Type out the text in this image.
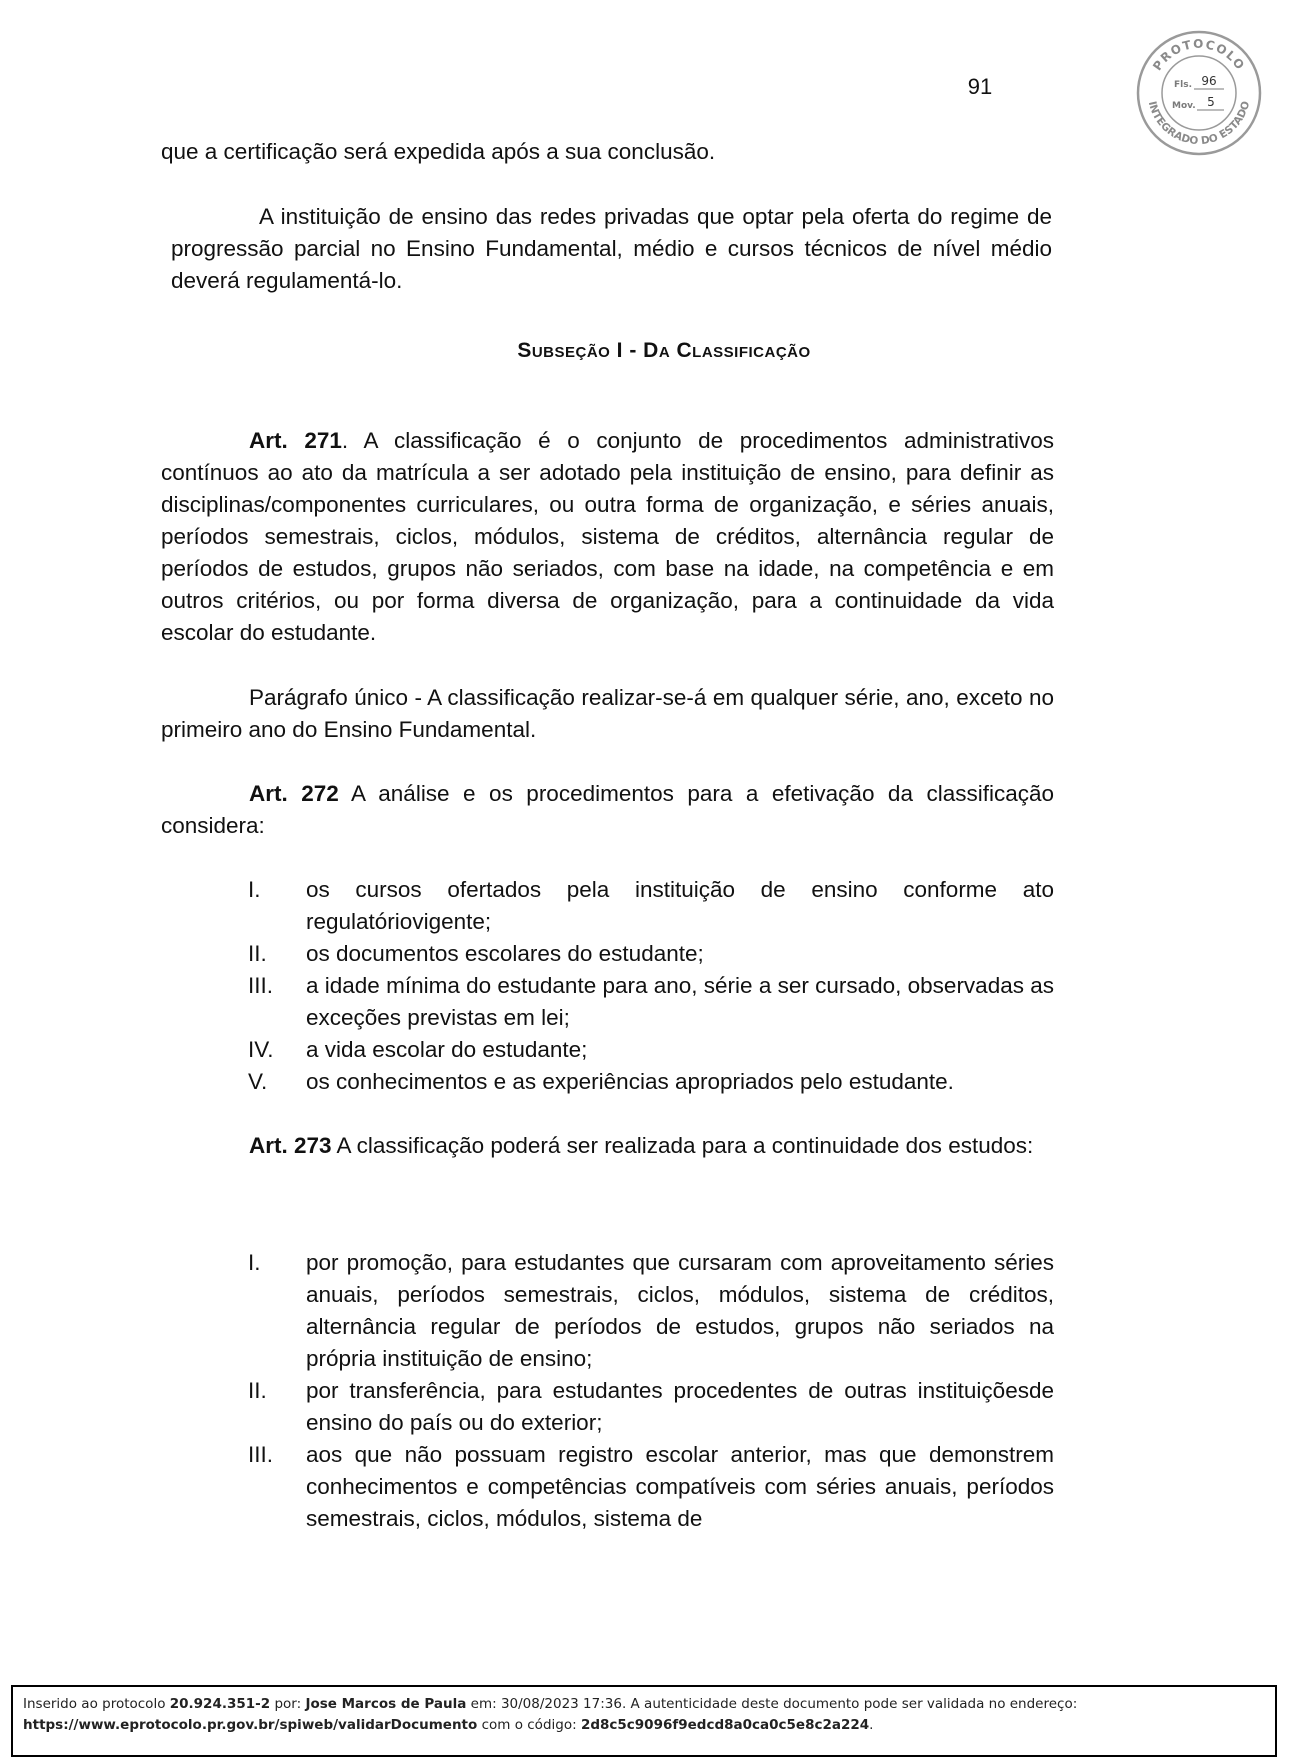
91
PROTOCOLO
INTEGRADO DO ESTADO
Fls. 96
Mov. 5

que a certificação será expedida após a sua conclusão.

A instituição de ensino das redes privadas que optar pela oferta do regime de progressão parcial no Ensino Fundamental, médio e cursos técnicos de nível médio deverá regulamentá-lo.

Subseção I - Da Classificação

Art. 271. A classificação é o conjunto de procedimentos administrativos contínuos ao ato da matrícula a ser adotado pela instituição de ensino, para definir as disciplinas/componentes curriculares, ou outra forma de organização, e séries anuais, períodos semestrais, ciclos, módulos, sistema de créditos, alternância regular de períodos de estudos, grupos não seriados, com base na idade, na competência e em outros critérios, ou por forma diversa de organização, para a continuidade da vida escolar do estudante.

Parágrafo único - A classificação realizar-se-á em qualquer série, ano, exceto no primeiro ano do Ensino Fundamental.

Art. 272 A análise e os procedimentos para a efetivação da classificação considera:

I.	os cursos ofertados pela instituição de ensino conforme ato regulatóriovigente;
II.	os documentos escolares do estudante;
III.	a idade mínima do estudante para ano, série a ser cursado, observadas as exceções previstas em lei;
IV.	a vida escolar do estudante;
V.	os conhecimentos e as experiências apropriados pelo estudante.

Art. 273 A classificação poderá ser realizada para a continuidade dos estudos:

I.	por promoção, para estudantes que cursaram com aproveitamento séries anuais, períodos semestrais, ciclos, módulos, sistema de créditos, alternância regular de períodos de estudos, grupos não seriados na própria instituição de ensino;
II.	por transferência, para estudantes procedentes de outras instituiçõesde ensino do país ou do exterior;
III.	aos que não possuam registro escolar anterior, mas que demonstrem conhecimentos e competências compatíveis com séries anuais, períodos semestrais, ciclos, módulos, sistema de
Inserido ao protocolo 20.924.351-2 por: Jose Marcos de Paula em: 30/08/2023 17:36. A autenticidade deste documento pode ser validada no endereço:
https://www.eprotocolo.pr.gov.br/spiweb/validarDocumento com o código: 2d8c5c9096f9edcd8a0ca0c5e8c2a224.
